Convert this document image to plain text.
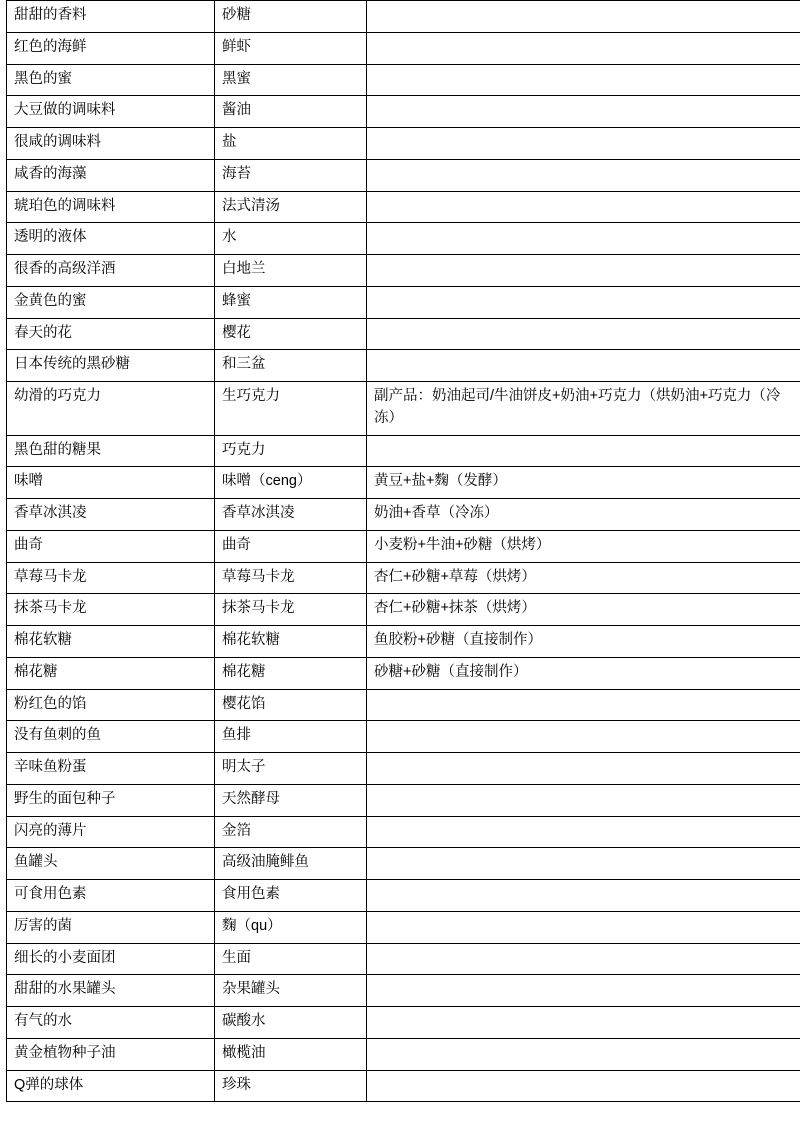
甜甜的香料	砂糖	
红色的海鲜	鲜虾	
黑色的蜜	黑蜜	
大豆做的调味料	酱油	
很咸的调味料	盐	
咸香的海藻	海苔	
琥珀色的调味料	法式清汤	
透明的液体	水	
很香的高级洋酒	白地兰	
金黄色的蜜	蜂蜜	
春天的花	樱花	
日本传统的黑砂糖	和三盆	
幼滑的巧克力	生巧克力	副产品：奶油起司/牛油饼皮+奶油+巧克力（烘奶油+巧克力（冷冻）
黑色甜的糖果	巧克力	
味噌	味噌（ceng）	黄豆+盐+麴（发酵）
香草冰淇凌	香草冰淇凌	奶油+香草（冷冻）
曲奇	曲奇	小麦粉+牛油+砂糖（烘烤）
草莓马卡龙	草莓马卡龙	杏仁+砂糖+草莓（烘烤）
抹茶马卡龙	抹茶马卡龙	杏仁+砂糖+抹茶（烘烤）
棉花软糖	棉花软糖	鱼胶粉+砂糖（直接制作）
棉花糖	棉花糖	砂糖+砂糖（直接制作）
粉红色的馅	樱花馅	
没有鱼刺的鱼	鱼排	
辛味鱼粉蛋	明太子	
野生的面包种子	天然酵母	
闪亮的薄片	金箔	
鱼罐头	高级油腌鲱鱼	
可食用色素	食用色素	
厉害的菌	麴（qu）	
细长的小麦面团	生面	
甜甜的水果罐头	杂果罐头	
有气的水	碳酸水	
黄金植物种子油	橄榄油	
Q弹的球体	珍珠	
